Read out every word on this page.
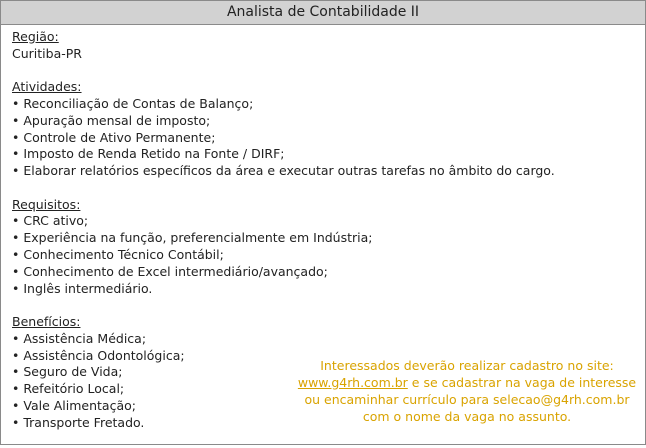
Analista de Contabilidade II
Região:
Curitiba-PR
Atividades:
• Reconciliação de Contas de Balanço;
• Apuração mensal de imposto;
• Controle de Ativo Permanente;
• Imposto de Renda Retido na Fonte / DIRF;
• Elaborar relatórios específicos da área e executar outras tarefas no âmbito do cargo.
Requisitos:
• CRC ativo;
• Experiência na função, preferencialmente em Indústria;
• Conhecimento Técnico Contábil;
• Conhecimento de Excel intermediário/avançado;
• Inglês intermediário.
Benefícios:
• Assistência Médica;
• Assistência Odontológica;
• Seguro de Vida;
• Refeitório Local;
• Vale Alimentação;
• Transporte Fretado.
Interessados deverão realizar cadastro no site:
www.g4rh.com.br e se cadastrar na vaga de interesse
ou encaminhar currículo para selecao@g4rh.com.br
com o nome da vaga no assunto.
